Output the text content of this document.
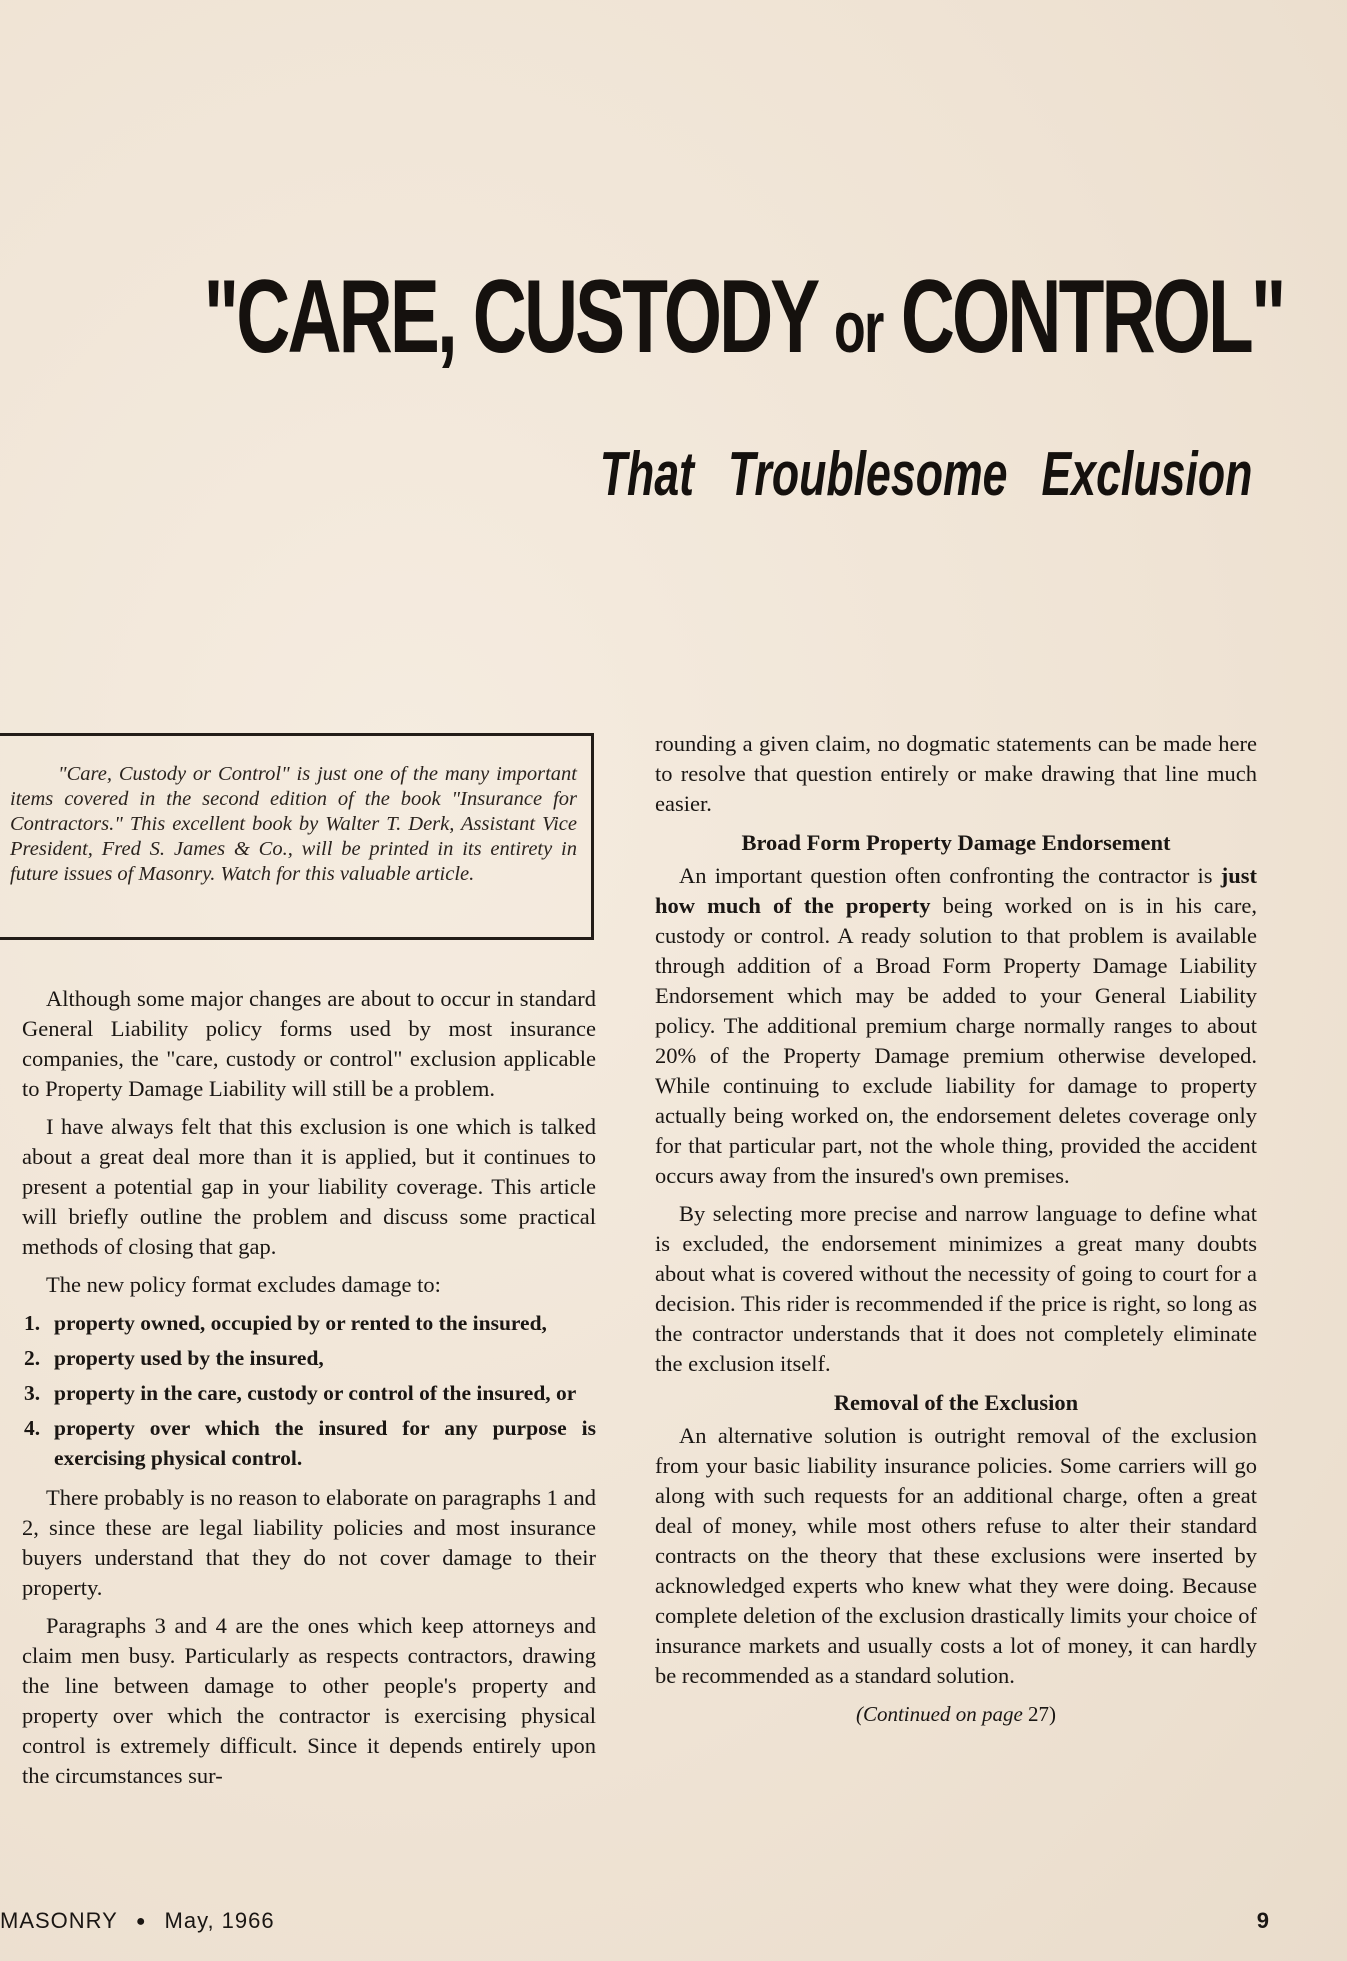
"CARE, CUSTODY or CONTROL"
That Troublesome Exclusion

"Care, Custody or Control" is just one of the many important items covered in the second edition of the book "Insurance for Contractors." This excellent book by Walter T. Derk, Assistant Vice President, Fred S. James & Co., will be printed in its entirety in future issues of Masonry. Watch for this valuable article.

Although some major changes are about to occur in standard General Liability policy forms used by most insurance companies, the "care, custody or control" exclusion applicable to Property Damage Liability will still be a problem.

I have always felt that this exclusion is one which is talked about a great deal more than it is applied, but it continues to present a potential gap in your liability coverage. This article will briefly outline the problem and discuss some practical methods of closing that gap.

The new policy format excludes damage to:

1. property owned, occupied by or rented to the insured,
2. property used by the insured,
3. property in the care, custody or control of the insured, or
4. property over which the insured for any purpose is exercising physical control.

There probably is no reason to elaborate on paragraphs 1 and 2, since these are legal liability policies and most insurance buyers understand that they do not cover damage to their property.

Paragraphs 3 and 4 are the ones which keep attorneys and claim men busy. Particularly as respects contractors, drawing the line between damage to other people's property and property over which the contractor is exercising physical control is extremely difficult. Since it depends entirely upon the circumstances sur-

rounding a given claim, no dogmatic statements can be made here to resolve that question entirely or make drawing that line much easier.

Broad Form Property Damage Endorsement

An important question often confronting the contractor is just how much of the property being worked on is in his care, custody or control. A ready solution to that problem is available through addition of a Broad Form Property Damage Liability Endorsement which may be added to your General Liability policy. The additional premium charge normally ranges to about 20% of the Property Damage premium otherwise developed. While continuing to exclude liability for damage to property actually being worked on, the endorsement deletes coverage only for that particular part, not the whole thing, provided the accident occurs away from the insured's own premises.

By selecting more precise and narrow language to define what is excluded, the endorsement minimizes a great many doubts about what is covered without the necessity of going to court for a decision. This rider is recommended if the price is right, so long as the contractor understands that it does not completely eliminate the exclusion itself.

Removal of the Exclusion

An alternative solution is outright removal of the exclusion from your basic liability insurance policies. Some carriers will go along with such requests for an additional charge, often a great deal of money, while most others refuse to alter their standard contracts on the theory that these exclusions were inserted by acknowledged experts who knew what they were doing. Because complete deletion of the exclusion drastically limits your choice of insurance markets and usually costs a lot of money, it can hardly be recommended as a standard solution.

(Continued on page 27)
MASONRY ● May, 1966	9
